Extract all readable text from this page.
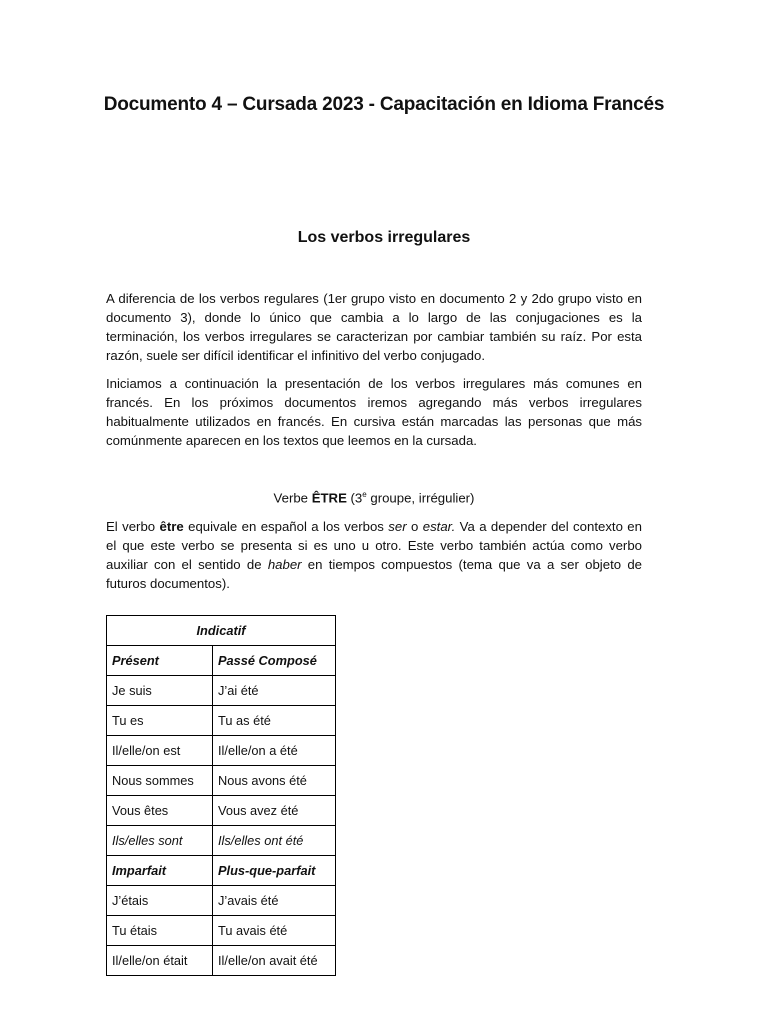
Documento 4 – Cursada 2023 - Capacitación en Idioma Francés
Los verbos irregulares

A diferencia de los verbos regulares (1er grupo visto en documento 2 y 2do grupo visto en documento 3), donde lo único que cambia a lo largo de las conjugaciones es la terminación, los verbos irregulares se caracterizan por cambiar también su raíz. Por esta razón, suele ser difícil identificar el infinitivo del verbo conjugado.

Iniciamos a continuación la presentación de los verbos irregulares más comunes en francés. En los próximos documentos iremos agregando más verbos irregulares habitualmente utilizados en francés. En cursiva están marcadas las personas que más comúnmente aparecen en los textos que leemos en la cursada.

Verbe ÊTRE (3e groupe, irrégulier)

El verbo être equivale en español a los verbos ser o estar. Va a depender del contexto en el que este verbo se presenta si es uno u otro. Este verbo también actúa como verbo auxiliar con el sentido de haber en tiempos compuestos (tema que va a ser objeto de futuros documentos).

Indicatif	
Présent	Passé Composé
Je suis	J’ai été
Tu es	Tu as été
Il/elle/on est	Il/elle/on a été
Nous sommes	Nous avons été
Vous êtes	Vous avez été
Ils/elles sont	Ils/elles ont été
Imparfait	Plus-que-parfait
J’étais	J’avais été
Tu étais	Tu avais été
Il/elle/on était	Il/elle/on avait été
